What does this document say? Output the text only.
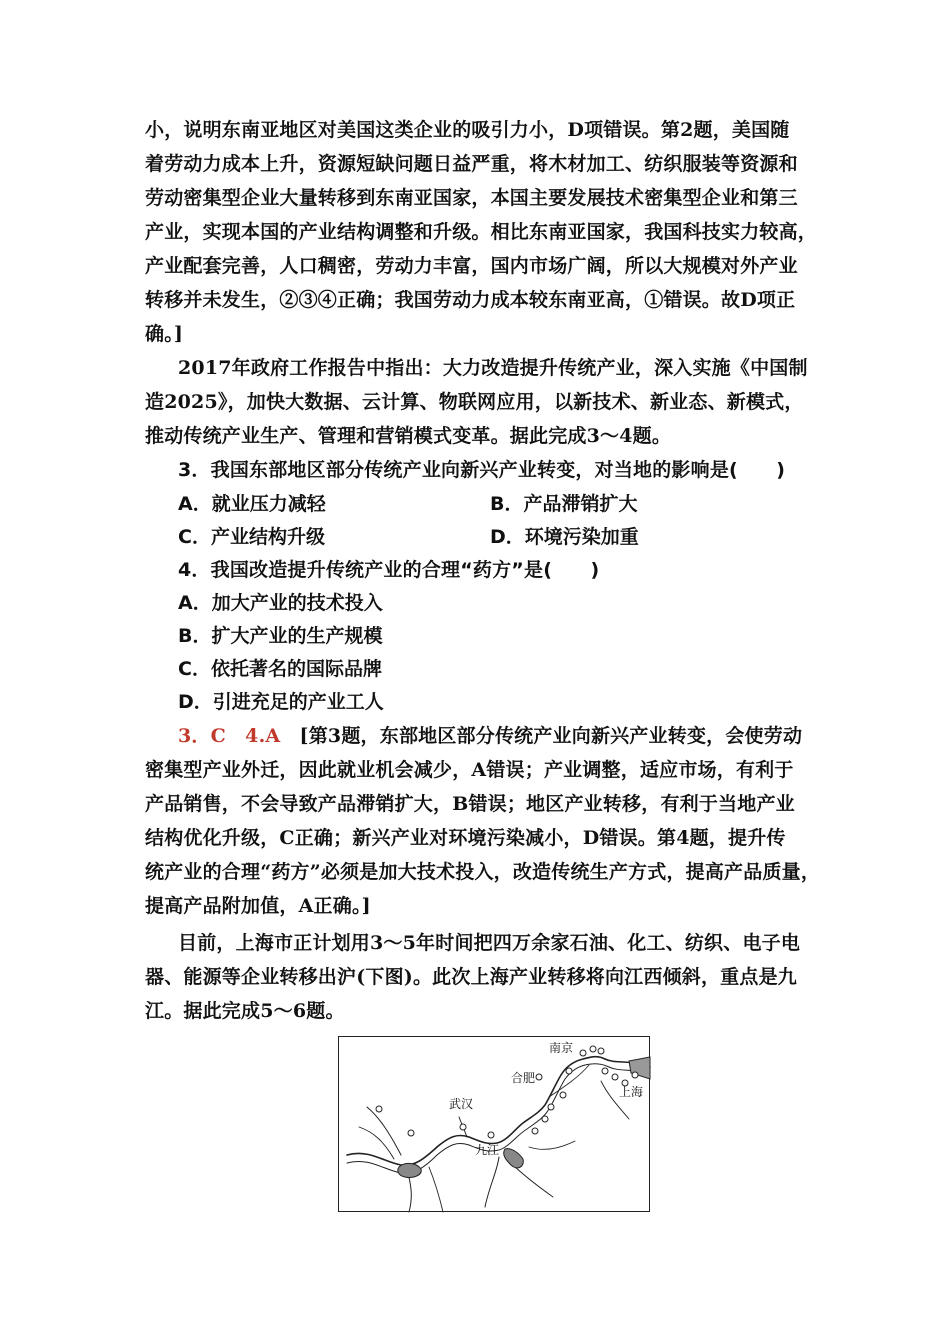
小，说明东南亚地区对美国这类企业的吸引力小，D项错误。第2题，美国随
着劳动力成本上升，资源短缺问题日益严重，将木材加工、纺织服装等资源和
劳动密集型企业大量转移到东南亚国家，本国主要发展技术密集型企业和第三
产业，实现本国的产业结构调整和升级。相比东南亚国家，我国科技实力较高，
产业配套完善，人口稠密，劳动力丰富，国内市场广阔，所以大规模对外产业
转移并未发生，②③④正确；我国劳动力成本较东南亚高，①错误。故D项正
确。]
2017年政府工作报告中指出：大力改造提升传统产业，深入实施《中国制
造2025》，加快大数据、云计算、物联网应用，以新技术、新业态、新模式，
推动传统产业生产、管理和营销模式变革。据此完成3～4题。
3．我国东部地区部分传统产业向新兴产业转变，对当地的影响是(　　)
A．就业压力减轻	B．产品滞销扩大
C．产业结构升级	D．环境污染加重
4．我国改造提升传统产业的合理“药方”是(　　)
A．加大产业的技术投入
B．扩大产业的生产规模
C．依托著名的国际品牌
D．引进充足的产业工人
3．C　4.A　 [第3题，东部地区部分传统产业向新兴产业转变，会使劳动
密集型产业外迁，因此就业机会减少，A错误；产业调整，适应市场，有利于
产品销售，不会导致产品滞销扩大，B错误；地区产业转移，有利于当地产业
结构优化升级，C正确；新兴产业对环境污染减小，D错误。第4题，提升传
统产业的合理“药方”必须是加大技术投入，改造传统生产方式，提高产品质量，
提高产品附加值，A正确。]
目前，上海市正计划用3～5年时间把四万余家石油、化工、纺织、电子电
器、能源等企业转移出沪(下图)。此次上海产业转移将向江西倾斜，重点是九
江。据此完成5～6题。
南京
合肥
上海
武汉
九江
